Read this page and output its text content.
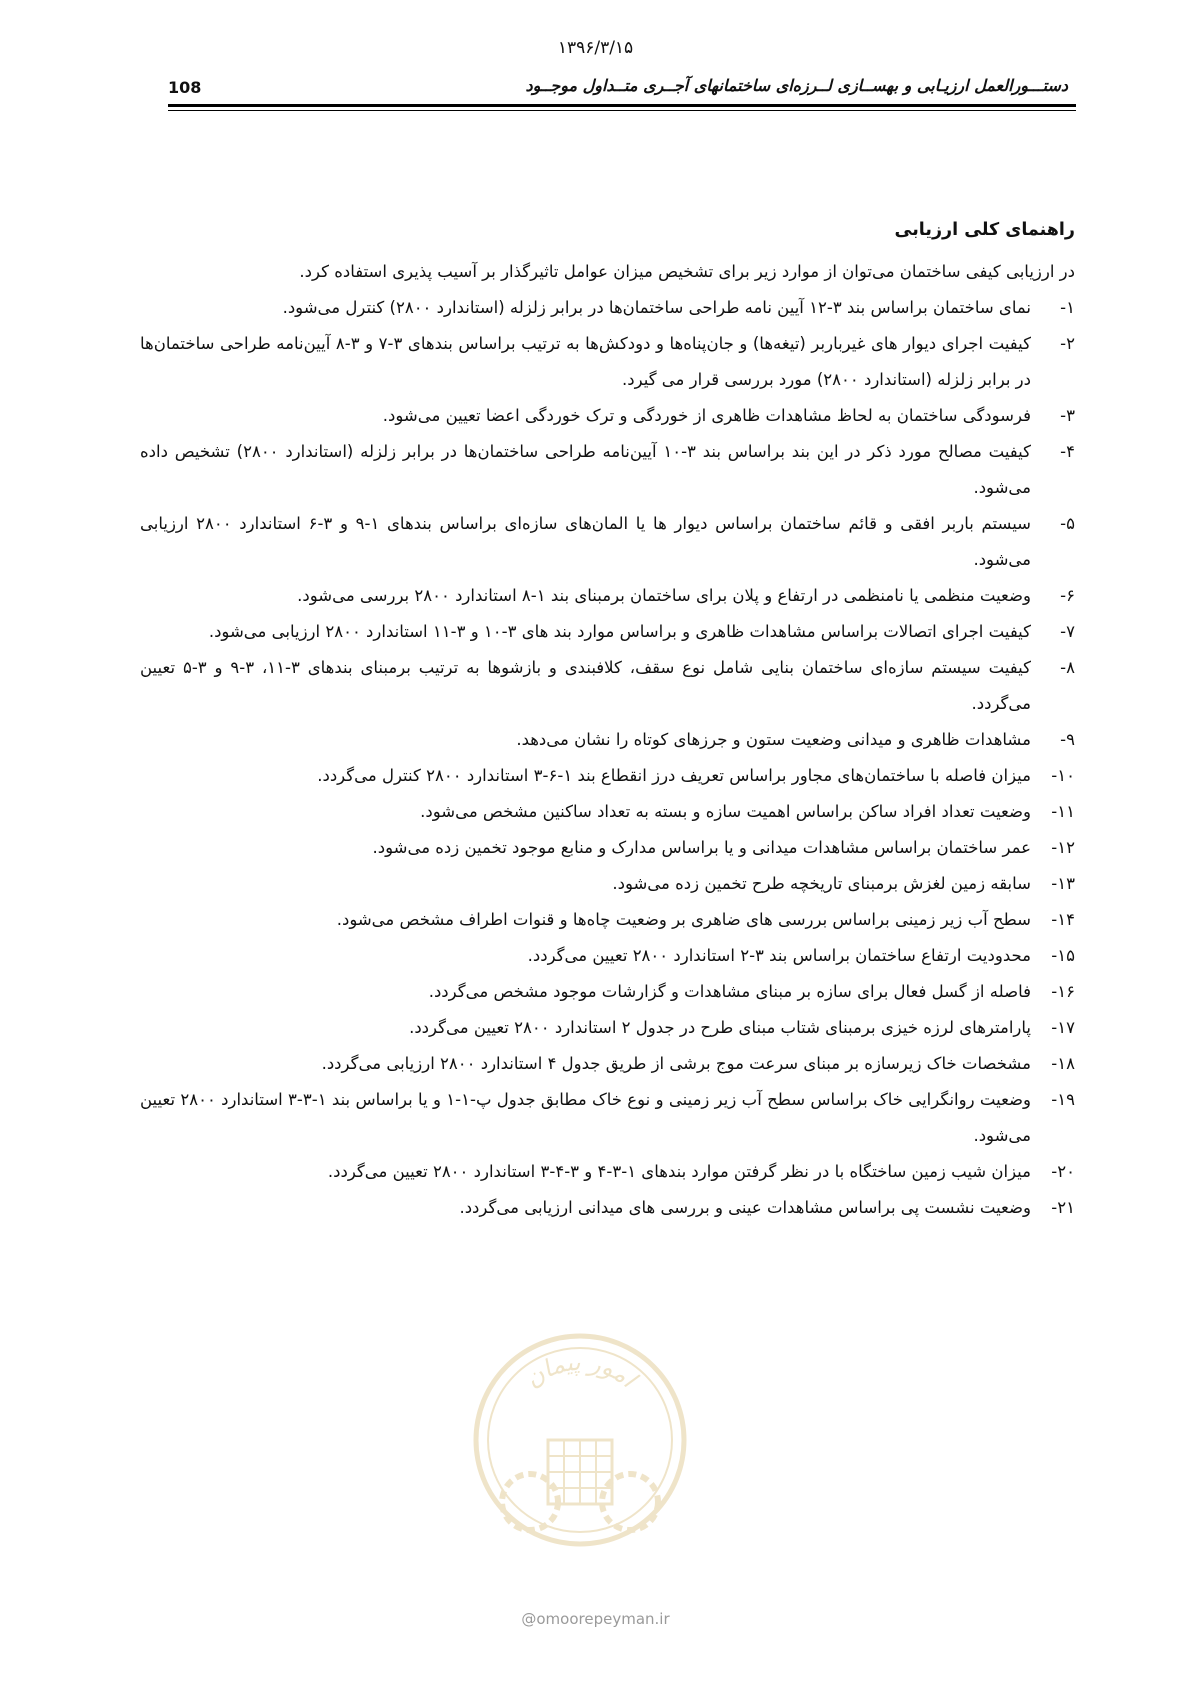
۱۳۹۶/۳/۱۵
108	دستـــورالعمل ارزیـابی و بهســازی لــرزه‌ای ساختمانهای آجــری متــداول موجــود
راهنمای کلی ارزیابی
در ارزیابی کیفی ساختمان می‌توان از موارد زیر برای تشخیص میزان عوامل تاثیرگذار بر آسیب پذیری استفاده کرد.
۱-
نمای ساختمان براساس بند ۳-۱۲ آیین نامه طراحی ساختمان‌ها در برابر زلزله (استاندارد ۲۸۰۰) کنترل می‌شود.
۲-
کیفیت اجرای دیوار های غیرباربر (تیغه‌ها) و جان‌پناه‌ها و دودکش‌ها به ترتیب براساس بندهای ۳-۷ و ۳-۸ آیین‌نامه طراحی ساختمان‌ها در برابر زلزله (استاندارد ۲۸۰۰) مورد بررسی قرار می گیرد.
۳-
فرسودگی ساختمان به لحاظ مشاهدات ظاهری از خوردگی و ترک خوردگی اعضا تعیین می‌شود.
۴-
کیفیت مصالح مورد ذکر در این بند براساس بند ۳-۱۰ آیین‌نامه طراحی ساختمان‌ها در برابر زلزله (استاندارد ۲۸۰۰) تشخیص داده می‌شود.
۵-
سیستم باربر افقی و قائم ساختمان براساس دیوار ها یا المان‌های سازه‌ای براساس بندهای ۱-۹ و ۳-۶ استاندارد ۲۸۰۰ ارزیابی می‌شود.
۶-
وضعیت منظمی یا نامنظمی در ارتفاع و پلان برای ساختمان برمبنای بند ۱-۸ استاندارد ۲۸۰۰ بررسی می‌شود.
۷-
کیفیت اجرای اتصالات براساس مشاهدات ظاهری و براساس موارد بند های ۳-۱۰ و ۳-۱۱ استاندارد ۲۸۰۰ ارزیابی می‌شود.
۸-
کیفیت سیستم سازه‌ای ساختمان بنایی شامل نوع سقف، کلافبندی و بازشوها به ترتیب برمبنای بندهای ۳-۱۱، ۳-۹ و ۳-۵ تعیین می‌گردد.
۹-
مشاهدات ظاهری و میدانی وضعیت ستون و جرزهای کوتاه را نشان می‌دهد.
۱۰-
میزان فاصله با ساختمان‌های مجاور براساس تعریف درز انقطاع بند ۱-۶-۳ استاندارد ۲۸۰۰ کنترل می‌گردد.
۱۱-
وضعیت تعداد افراد ساکن براساس اهمیت سازه و بسته به تعداد ساکنین مشخص می‌شود.
۱۲-
عمر ساختمان براساس مشاهدات میدانی و یا براساس مدارک و منابع موجود تخمین زده می‌شود.
۱۳-
سابقه زمین لغزش برمبنای تاریخچه طرح تخمین زده می‌شود.
۱۴-
سطح آب زیر زمینی براساس بررسی های ضاهری بر وضعیت چاه‌ها و قنوات اطراف مشخص می‌شود.
۱۵-
محدودیت ارتفاع ساختمان براساس بند ۳-۲ استاندارد ۲۸۰۰ تعیین می‌گردد.
۱۶-
فاصله از گسل فعال برای سازه بر مبنای مشاهدات و گزارشات موجود مشخص می‌گردد.
۱۷-
پارامترهای لرزه خیزی برمبنای شتاب مبنای طرح در جدول ۲ استاندارد ۲۸۰۰ تعیین می‌گردد.
۱۸-
مشخصات خاک زیرسازه بر مبنای سرعت موج برشی از طریق جدول ۴ استاندارد ۲۸۰۰ ارزیابی می‌گردد.
۱۹-
وضعیت روانگرایی خاک براساس سطح آب زیر زمینی و نوع خاک مطابق جدول پ-۱-۱ و یا براساس بند ۱-۳-۳ استاندارد ۲۸۰۰ تعیین می‌شود.
۲۰-
میزان شیب زمین ساختگاه با در نظر گرفتن موارد بندهای ۱-۳-۴ و ۳-۴-۳ استاندارد ۲۸۰۰ تعیین می‌گردد.
۲۱-
وضعیت نشست پی براساس مشاهدات عینی و بررسی های میدانی ارزیابی می‌گردد.
امور پیمان
@omoorepeyman.ir
